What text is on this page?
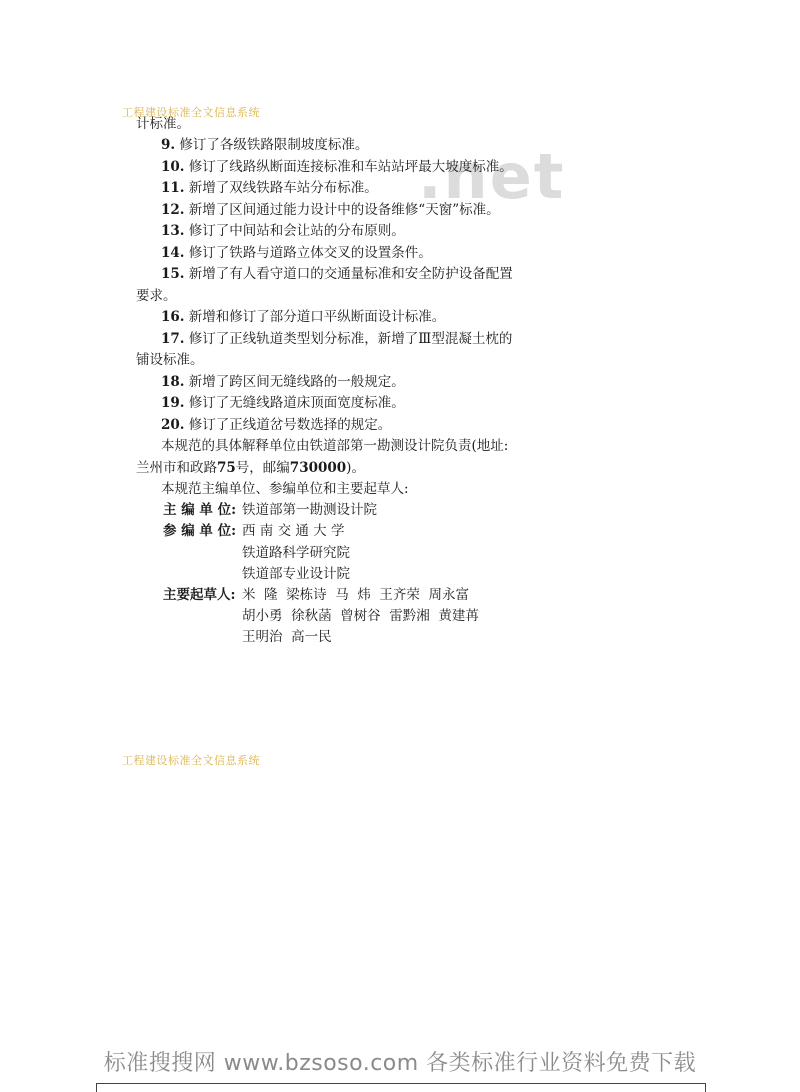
工程建设标准全文信息系统
.net
计标准。
9. 修订了各级铁路限制坡度标准。
10. 修订了线路纵断面连接标准和车站站坪最大坡度标准。
11. 新增了双线铁路车站分布标准。
12. 新增了区间通过能力设计中的设备维修“天窗”标准。
13. 修订了中间站和会让站的分布原则。
14. 修订了铁路与道路立体交叉的设置条件。
15. 新增了有人看守道口的交通量标准和安全防护设备配置
要求。
16. 新增和修订了部分道口平纵断面设计标准。
17. 修订了正线轨道类型划分标准，新增了Ⅲ型混凝土枕的
铺设标准。
18. 新增了跨区间无缝线路的一般规定。
19. 修订了无缝线路道床顶面宽度标准。
20. 修订了正线道岔号数选择的规定。
本规范的具体解释单位由铁道部第一勘测设计院负责(地址:
兰州市和政路75号，邮编730000)。
本规范主编单位、参编单位和主要起草人:
主 编 单 位: 铁道部第一勘测设计院
参 编 单 位: 西 南 交 通 大 学
铁道路科学研究院
铁道部专业设计院
主要起草人: 米  隆  梁栋诗  马  炜  王齐荣  周永富
胡小勇  徐秋菡  曾树谷  雷黔湘  黄建苒
王明治  高一民
工程建设标准全文信息系统
标准搜搜网 www.bzsoso.com 各类标准行业资料免费下载
